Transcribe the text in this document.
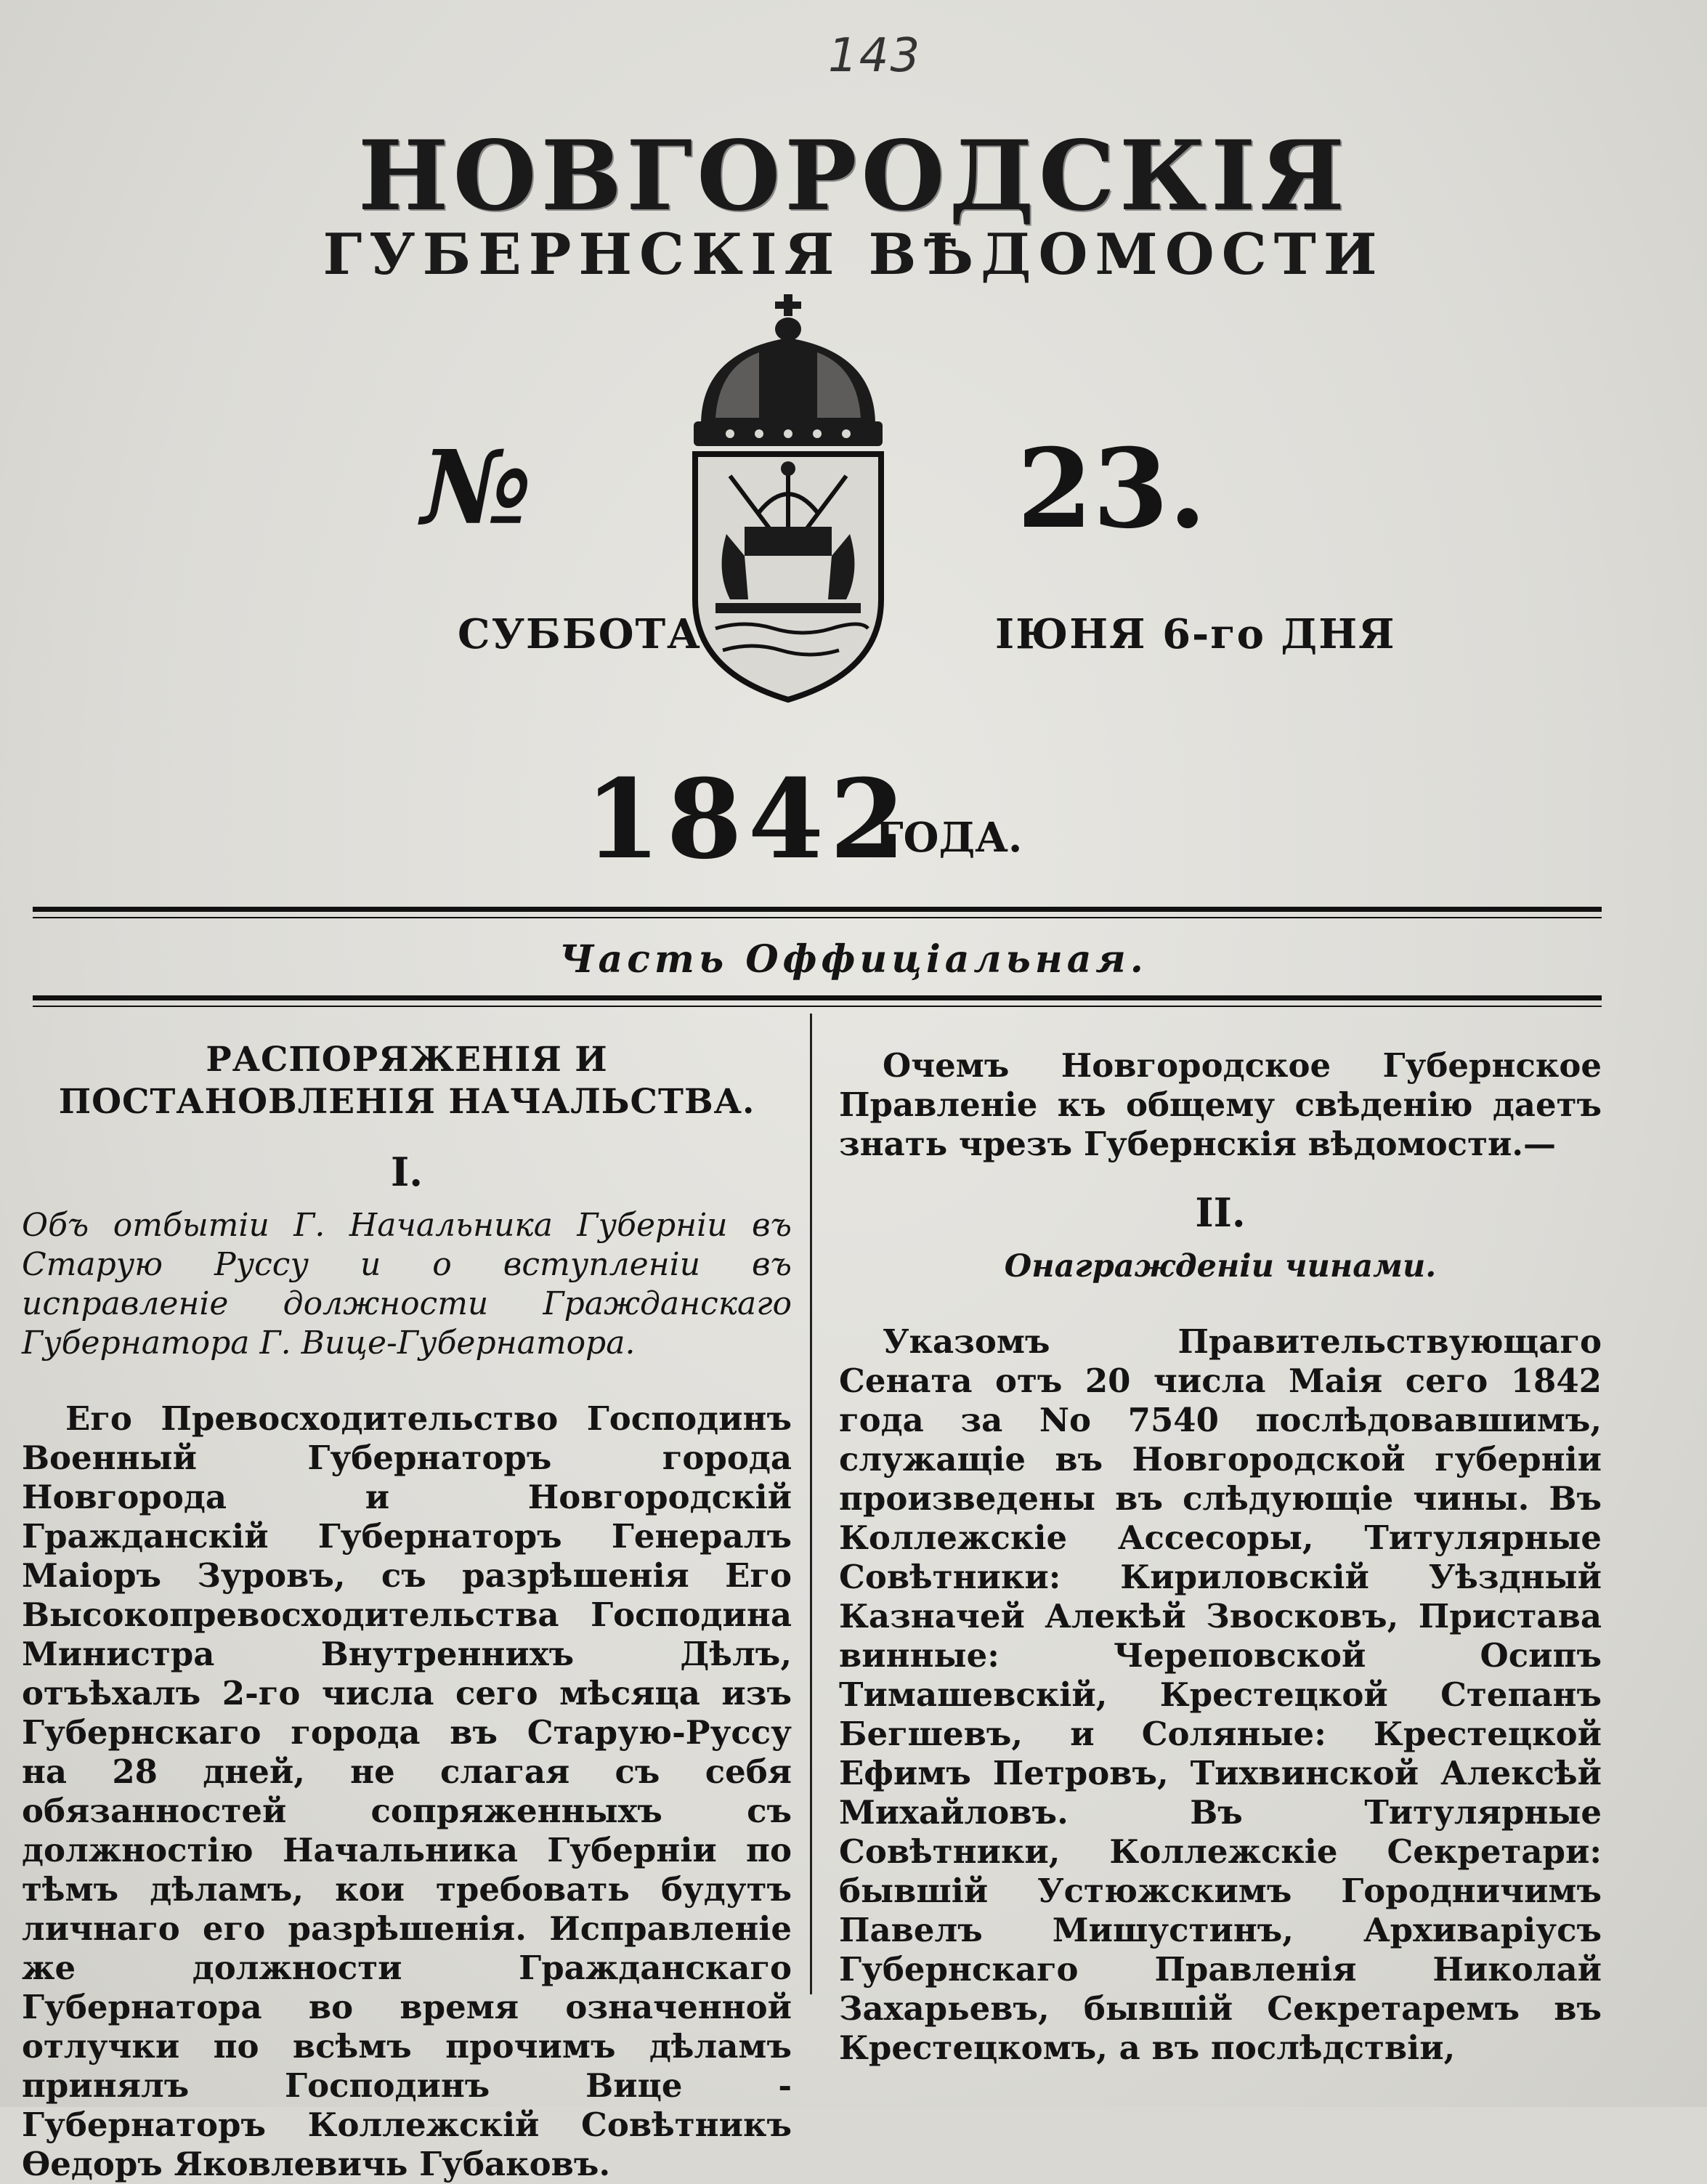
143
НОВГОРОДСКІЯ
ГУБЕРНСКІЯ ВѢДОМОСТИ
№	23.
СУББОТА	ІЮНЯ 6-го ДНЯ
1842
ГОДА.
Часть Оффиціальная.
РАСПОРЯЖЕНІЯ И ПОСТАНОВЛЕНІЯ НАЧАЛЬСТВА.
I.
Объ отбытіи Г. Начальника Губерніи въ Старую Руссу и о вступленіи въ исправленіе должности Гражданскаго Губернатора Г. Вице-Губернатора.
Его Превосходительство Господинъ Военный Губернаторъ города Новгорода и Новгородскій Гражданскій Губернаторъ Генералъ Маіоръ Зуровъ, съ разрѣшенія Его Высокопревосходительства Господина Министра Внутреннихъ Дѣлъ, отъѣхалъ 2-го числа сего мѣсяца изъ Губернскаго города въ Старую-Руссу на 28 дней, не слагая съ себя обязанностей сопряженныхъ съ должностію Начальника Губерніи по тѣмъ дѣламъ, кои требовать будутъ личнаго его разрѣшенія. Исправленіе же должности Гражданскаго Губернатора во время означенной отлучки по всѣмъ прочимъ дѣламъ принялъ Господинъ Вице - Губернаторъ Коллежскій Совѣтникъ Ѳедоръ Яковлевичь Губаковъ.
Очемъ Новгородское Губернское Правленіе къ общему свѣденію даетъ знать чрезъ Губернскія вѣдомости.—
II.
Онагражденіи чинами.
Указомъ Правительствующаго Сената отъ 20 числа Маія сего 1842 года за No 7540 послѣдовавшимъ, служащіе въ Новгородской губерніи произведены въ слѣдующіе чины. Въ Коллежскіе Ассесоры, Титулярные Совѣтники: Кириловскій Уѣздный Казначей Алекѣй Звосковъ, Пристава винные: Череповской Осипъ Тимашевскій, Крестецкой Степанъ Бегшевъ, и Соляные: Крестецкой Ефимъ Петровъ, Тихвинской Алексѣй Михайловъ. Въ Титулярные Совѣтники, Коллежскіе Секретари: бывшій Устюжскимъ Городничимъ Павелъ Мишустинъ, Архиваріусъ Губернскаго Правленія Николай Захарьевъ, бывшій Секретаремъ въ Крестецкомъ, а въ послѣдствіи,
